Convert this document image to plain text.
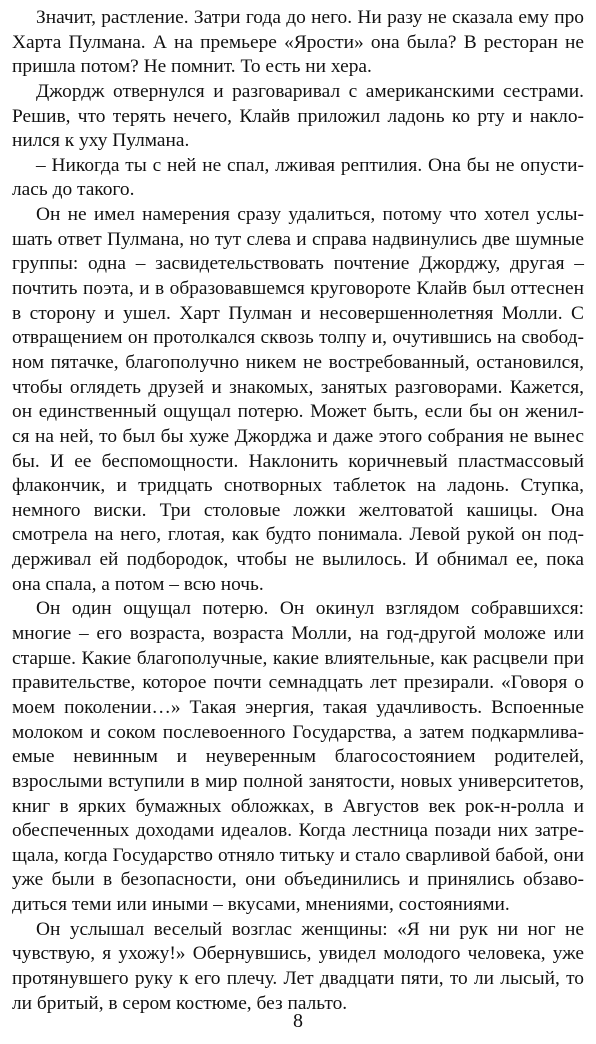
Значит, растление. Затри года до него. Ни разу не сказала ему про
Харта Пулмана. А на премьере «Ярости» она была? В ресторан не
пришла потом? Не помнит. То есть ни хера.
Джордж отвернулся и разговаривал с американскими сестрами.
Решив, что терять нечего, Клайв приложил ладонь ко рту и накло-
нился к уху Пулмана.
– Никогда ты с ней не спал, лживая рептилия. Она бы не опусти-
лась до такого.
Он не имел намерения сразу удалиться, потому что хотел услы-
шать ответ Пулмана, но тут слева и справа надвинулись две шумные
группы: одна – засвидетельствовать почтение Джорджу, другая –
почтить поэта, и в образовавшемся круговороте Клайв был оттеснен
в сторону и ушел. Харт Пулман и несовершеннолетняя Молли. С
отвращением он протолкался сквозь толпу и, очутившись на свобод-
ном пятачке, благополучно никем не востребованный, остановился,
чтобы оглядеть друзей и знакомых, занятых разговорами. Кажется,
он единственный ощущал потерю. Может быть, если бы он женил-
ся на ней, то был бы хуже Джорджа и даже этого собрания не вынес
бы. И ее беспомощности. Наклонить коричневый пластмассовый
флакончик, и тридцать снотворных таблеток на ладонь. Ступка,
немного виски. Три столовые ложки желтоватой кашицы. Она
смотрела на него, глотая, как будто понимала. Левой рукой он под-
держивал ей подбородок, чтобы не вылилось. И обнимал ее, пока
она спала, а потом – всю ночь.
Он один ощущал потерю. Он окинул взглядом собравшихся:
многие – его возраста, возраста Молли, на год-другой моложе или
старше. Какие благополучные, какие влиятельные, как расцвели при
правительстве, которое почти семнадцать лет презирали. «Говоря о
моем поколении…» Такая энергия, такая удачливость. Вспоенные
молоком и соком послевоенного Государства, а затем подкармлива-
емые невинным и неуверенным благосостоянием родителей,
взрослыми вступили в мир полной занятости, новых университетов,
книг в ярких бумажных обложках, в Августов век рок-н-ролла и
обеспеченных доходами идеалов. Когда лестница позади них затре-
щала, когда Государство отняло титьку и стало сварливой бабой, они
уже были в безопасности, они объединились и принялись обзаво-
диться теми или иными – вкусами, мнениями, состояниями.
Он услышал веселый возглас женщины: «Я ни рук ни ног не
чувствую, я ухожу!» Обернувшись, увидел молодого человека, уже
протянувшего руку к его плечу. Лет двадцати пяти, то ли лысый, то
ли бритый, в сером костюме, без пальто.
8
